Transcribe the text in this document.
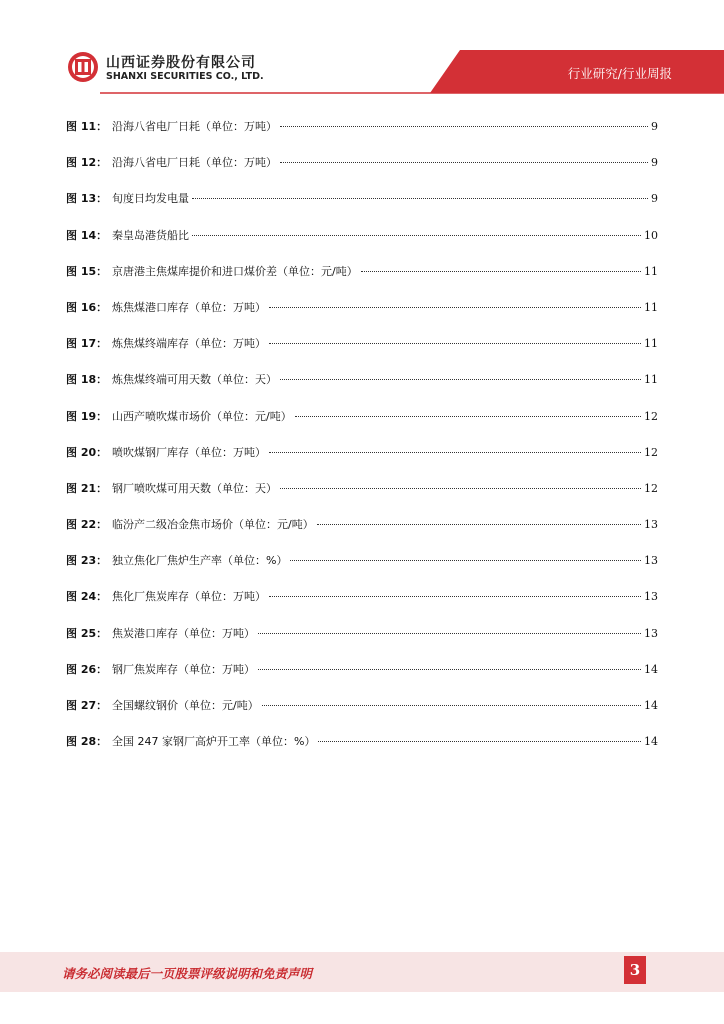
山西证券股份有限公司
SHANXI SECURITIES CO., LTD.	行业研究/行业周报
图 11： 沿海八省电厂日耗（单位：万吨）	9
图 12： 沿海八省电厂日耗（单位：万吨）	9
图 13： 旬度日均发电量	9
图 14： 秦皇岛港货船比	10
图 15： 京唐港主焦煤库提价和进口煤价差（单位：元/吨）	11
图 16： 炼焦煤港口库存（单位：万吨）	11
图 17： 炼焦煤终端库存（单位：万吨）	11
图 18： 炼焦煤终端可用天数（单位：天）	11
图 19： 山西产喷吹煤市场价（单位：元/吨）	12
图 20： 喷吹煤钢厂库存（单位：万吨）	12
图 21： 钢厂喷吹煤可用天数（单位：天）	12
图 22： 临汾产二级冶金焦市场价（单位：元/吨）	13
图 23： 独立焦化厂焦炉生产率（单位：%）	13
图 24： 焦化厂焦炭库存（单位：万吨）	13
图 25： 焦炭港口库存（单位：万吨）	13
图 26： 钢厂焦炭库存（单位：万吨）	14
图 27： 全国螺纹钢价（单位：元/吨）	14
图 28： 全国 247 家钢厂高炉开工率（单位：%）	14
请务必阅读最后一页股票评级说明和免责声明	3
